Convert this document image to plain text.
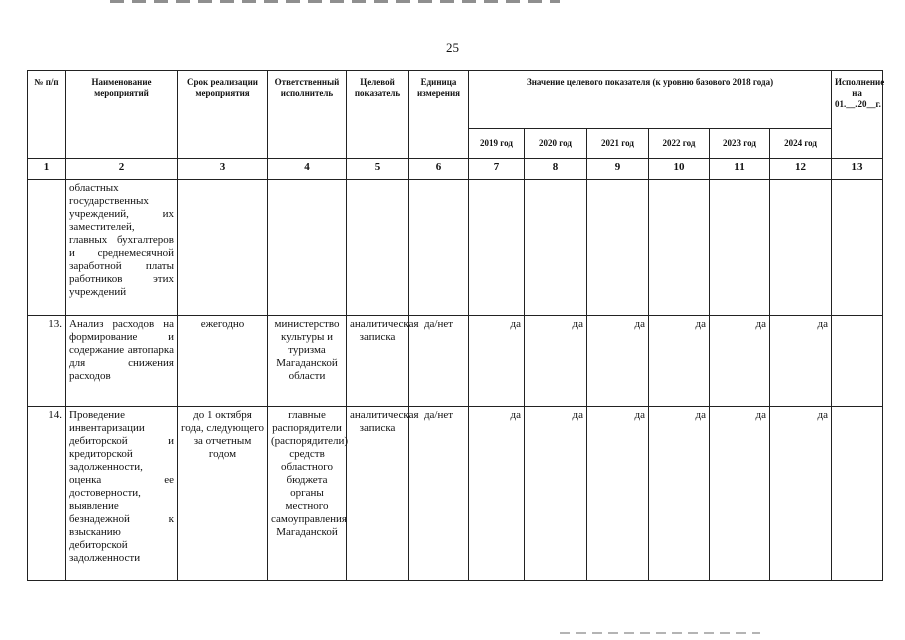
25
№ п/п	Наименование мероприятий	Срок реализации мероприятия	Ответственный исполнитель	Целевой показатель	Единица измерения	Значение целевого показателя (к уровню базового 2018 года)						Исполнение на 01.__.20__г.
						2019 год	2020 год	2021 год	2022 год	2023 год	2024 год	
1	2	3	4	5	6	7	8	9	10	11	12	13
	областных государственных учреждений, их заместителей, главных бухгалтеров и среднемесячной заработной платы работников этих учреждений											
13.	Анализ расходов на формирование и содержание автопарка для снижения расходов	ежегодно	министерство культуры и туризма Магаданской области	аналитическая записка	да/нет	да	да	да	да	да	да	
14.	Проведение инвентаризации дебиторской и кредиторской задолженности, оценка ее достоверности, выявление безнадежной к взысканию дебиторской задолженности	до 1 октября года, следующего за отчетным годом	главные распорядители (распорядители) средств областного бюджета органы местного самоуправления Магаданской	аналитическая записка	да/нет	да	да	да	да	да	да	
